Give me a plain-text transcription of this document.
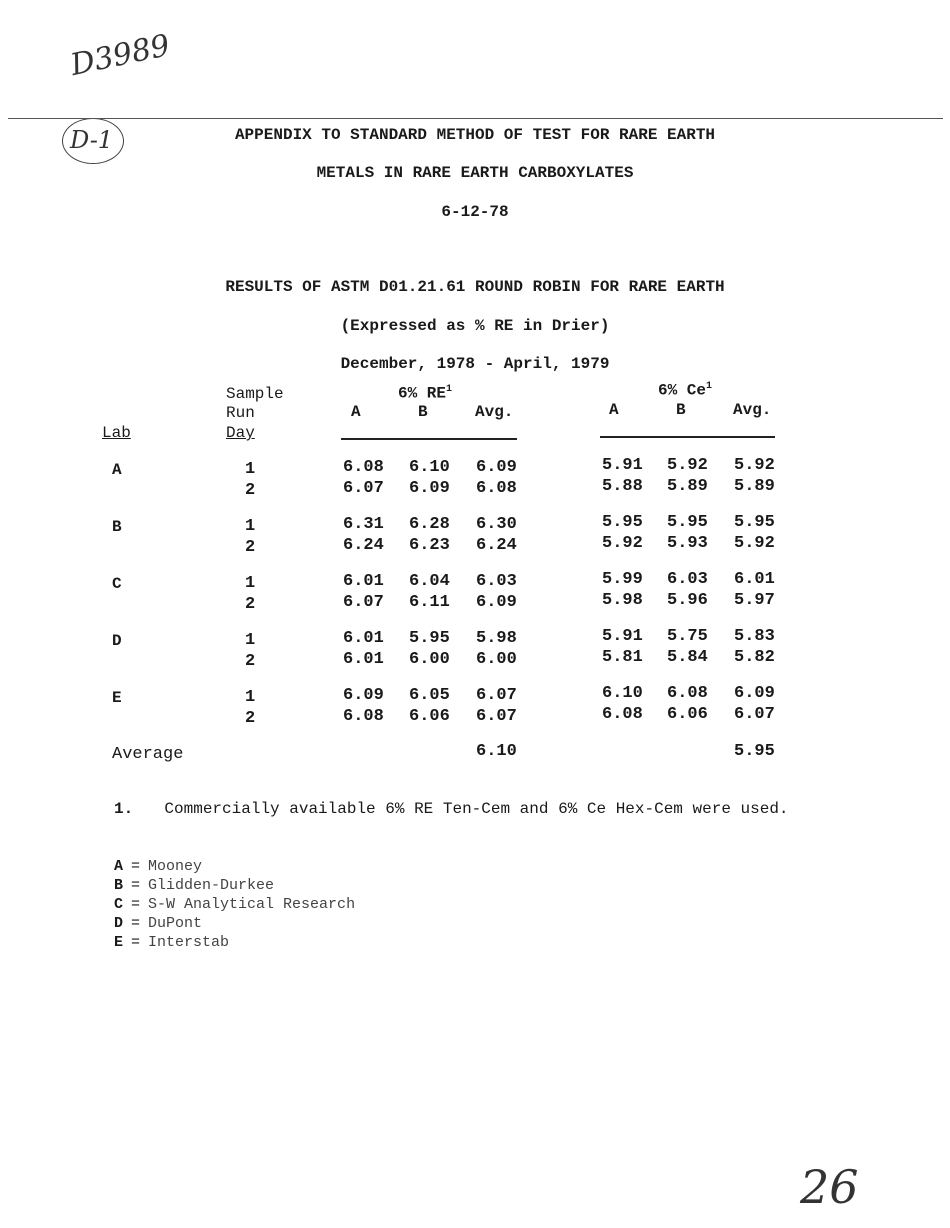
D3989
D-1
26
APPENDIX TO STANDARD METHOD OF TEST FOR RARE EARTH
METALS IN RARE EARTH CARBOXYLATES
6-12-78
RESULTS OF ASTM D01.21.61 ROUND ROBIN FOR RARE EARTH
(Expressed as % RE in Drier)
December, 1978 - April, 1979
Sample
Run
Day
Lab
6% $RE^1$	6% Ce$^1$
A	B	Avg.	A	B	Avg.
A	1	6.08 6.10 6.09	5.91 5.92 5.92
2	6.07 6.09 6.08	5.88 5.89 5.89
B	1	6.31 6.28 6.30	5.95 5.95 5.95
2	6.24 6.23 6.24	5.92 5.93 5.92
C	1	6.01 6.04 6.03	5.99 6.03 6.01
2	6.07 6.11 6.09	5.98 5.96 5.97
D	1	6.01 5.95 5.98	5.91 5.75 5.83
2	6.01 6.00 6.00	5.81 5.84 5.82
E	1	6.09 6.05 6.07	6.10 6.08 6.09
2	6.08 6.06 6.07	6.08 6.06 6.07
Average	6.10	5.95
1. Commercially available 6% RE Ten-Cem and 6% Ce Hex-Cem were used.
A = Mooney
B = Glidden-Durkee
C = S-W Analytical Research
D = DuPont
E = Interstab
